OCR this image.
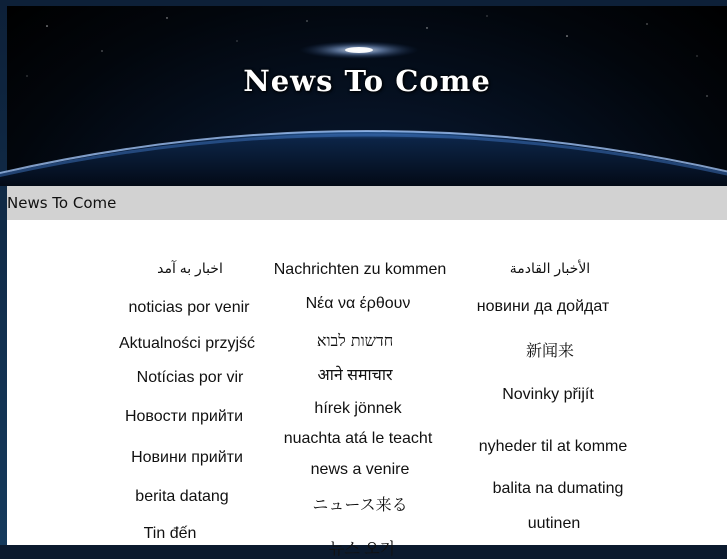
News To Come
News To Come
اخبار به آمد
noticias por venir
Aktualności przyjść
Notícias por vir
Новости прийти
Новини прийти
berita datang
Tin đến
Nachrichten zu kommen
Νέα να έρθουν
חדשות לבוא
आने समाचार
hírek jönnek
nuachta atá le teacht
news a venire
ニュース来る
뉴스 오기
الأخبار القادمة
новини да дойдат
新闻来
Novinky přijít
nyheder til at komme
balita na dumating
uutinen
